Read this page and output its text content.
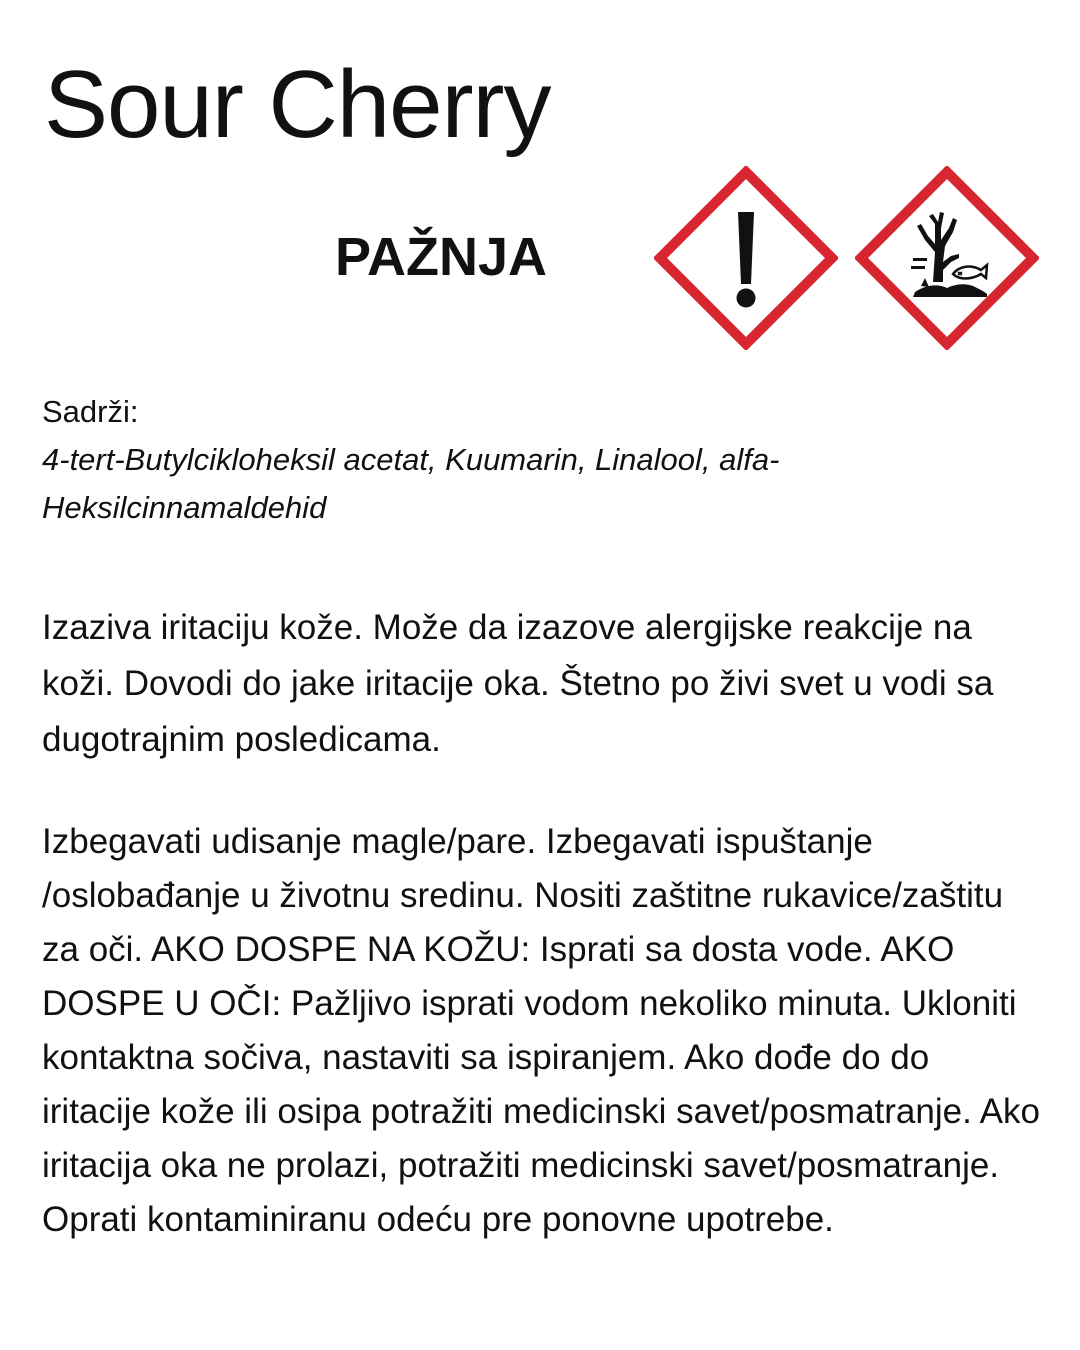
Sour Cherry
PAŽNJA
Sadrži:
4-tert-Butylcikloheksil acetat, Kuumarin, Linalool, alfa-Heksilcinnamaldehid

Izaziva iritaciju kože. Može da izazove alergijske reakcije na koži. Dovodi do jake iritacije oka. Štetno po živi svet u vodi sa dugotrajnim posledicama.

Izbegavati udisanje magle/pare. Izbegavati ispuštanje /oslobađanje u životnu sredinu. Nositi zaštitne rukavice/zaštitu za oči. AKO DOSPE NA KOŽU: Isprati sa dosta vode. AKO DOSPE U OČI: Pažljivo isprati vodom nekoliko minuta. Ukloniti kontaktna sočiva, nastaviti sa ispiranjem. Ako dođe do do iritacije kože ili osipa potražiti medicinski savet/posmatranje. Ako iritacija oka ne prolazi, potražiti medicinski savet/posmatranje. Oprati kontaminiranu odeću pre ponovne upotrebe.
